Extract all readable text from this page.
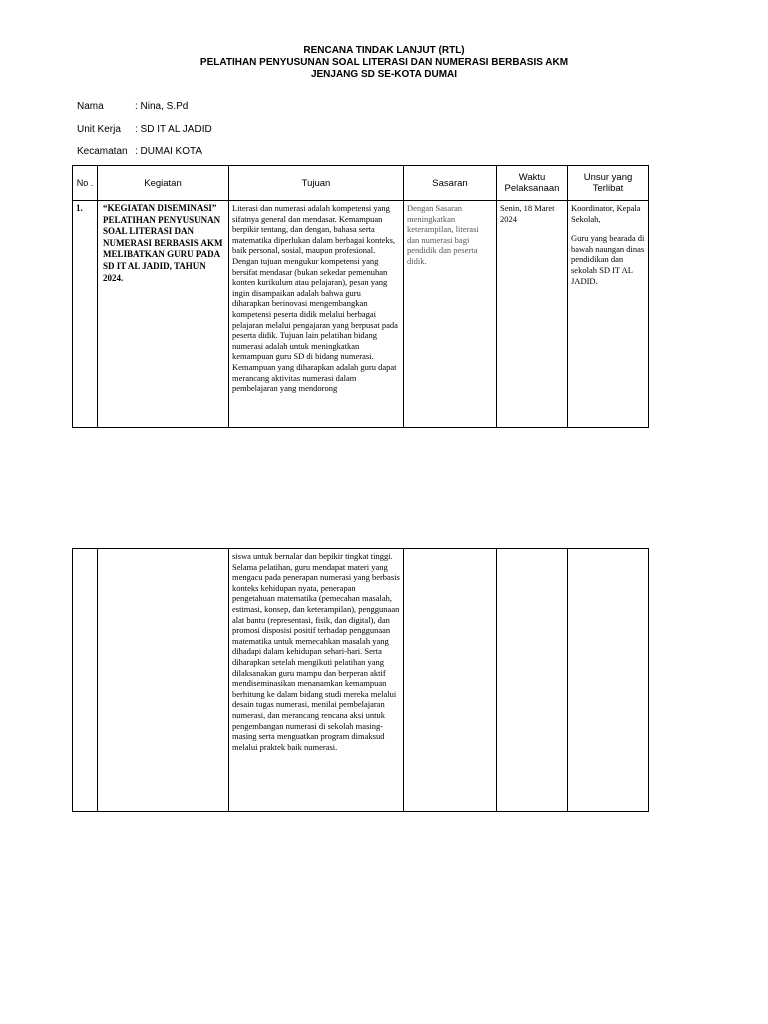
RENCANA TINDAK LANJUT (RTL)
PELATIHAN PENYUSUNAN SOAL LITERASI DAN NUMERASI BERBASIS AKM
JENJANG SD SE-KOTA DUMAI
Nama	: Nina, S.Pd
Unit Kerja : SD IT AL JADID
Kecamatan : DUMAI KOTA
No .	Kegiatan	Tujuan	Sasaran	Waktu Pelaksanaan	Unsur yang Terlibat
1.	“KEGIATAN DISEMINASI” PELATIHAN PENYUSUNAN SOAL LITERASI DAN NUMERASI BERBASIS AKM MELIBATKAN GURU PADA SD IT AL JADID, TAHUN 2024.	Literasi dan numerasi adalah kompetensi yang sifatnya general dan mendasar. Kemampuan berpikir tentang, dan dengan, bahasa serta matematika diperlukan dalam berbagai konteks, baik personal, sosial, maupun profesional. Dengan tujuan mengukur kompetensi yang bersifat mendasar (bukan sekedar pemenuhan konten kurikulum atau pelajaran), pesan yang ingin disampaikan adalah bahwa guru diharapkan berinovasi mengembangkan kompetensi peserta didik melalui berbagai pelajaran melalui pengajaran yang berpusat pada peserta didik. Tujuan lain pelatihan bidang numerasi adalah untuk meningkatkan kemampuan guru SD di bidang numerasi. Kemampuan yang diharapkan adalah guru dapat merancang aktivitas numerasi dalam pembelajaran yang mendorong	Dengan Sasaran meningkatkan keterampilan, literasi dan numerasi bagi pendidik dan peserta didik.	Senin, 18 Maret 2024	Koordinator, Kepala Sekolah,
Guru yang bearada di bawah naungan dinas pendidikan dan sekolah SD IT AL JADID.
		siswa untuk bernalar dan bepikir tingkat tinggi. Selama pelatihan, guru mendapat materi yang mengacu pada penerapan numerasi yang berbasis konteks kehidupan nyata, penerapan pengetahuan matematika (pemecahan masalah, estimasi, konsep, dan keterampilan), penggunaan alat bantu (representasi, fisik, dan digital), dan promosi disposisi positif terhadap penggunaan matematika untuk memecahkan masalah yang dihadapi dalam kehidupan sehari-hari. Serta diharapkan setelah mengikuti pelatihan yang dilaksanakan guru mampu dan berperan aktif mendiseminasikan menanamkan kemampuan berhitung ke dalam bidang studi mereka melalui desain tugas numerasi, menilai pembelajaran numerasi, dan merancang rencana aksi untuk pengembangan numerasi di sekolah masing-masing serta menguatkan program dimaksud melalui praktek baik numerasi.			
